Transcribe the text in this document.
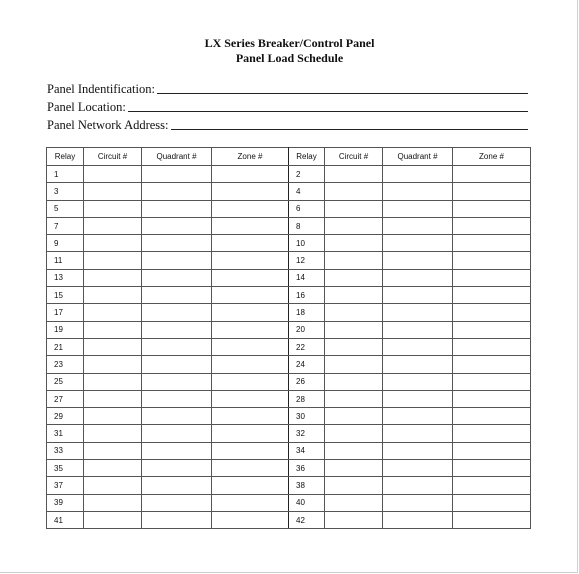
LX Series Breaker/Control Panel
Panel Load Schedule
Panel Indentification:
Panel Location:
Panel Network Address:
Relay	Circuit #	Quadrant #	Zone #	Relay	Circuit #	Quadrant #	Zone #
1				2			
3				4			
5				6			
7				8			
9				10			
11				12			
13				14			
15				16			
17				18			
19				20			
21				22			
23				24			
25				26			
27				28			
29				30			
31				32			
33				34			
35				36			
37				38			
39				40			
41				42			
